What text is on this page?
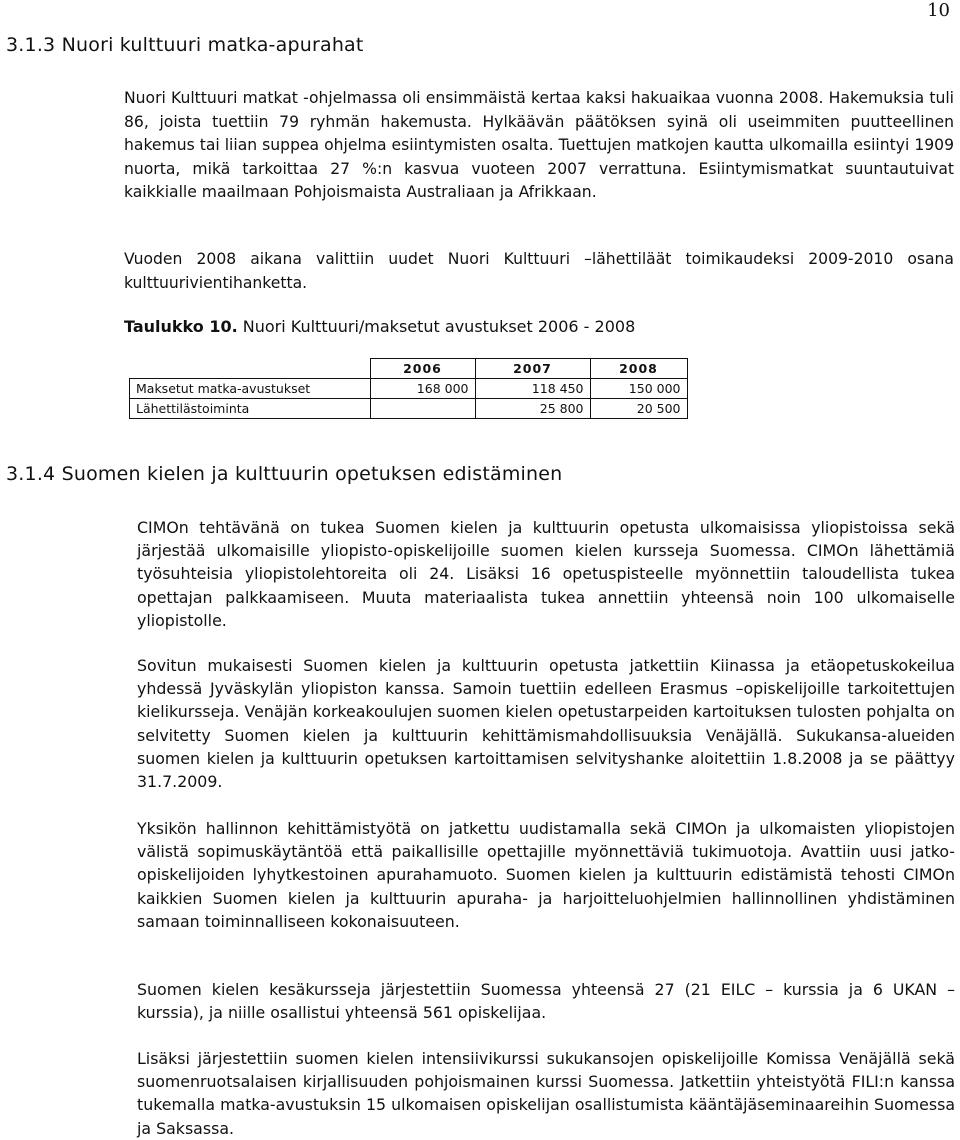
10
3.1.3 Nuori kulttuuri matka-apurahat

Nuori Kulttuuri matkat -ohjelmassa oli ensimmäistä kertaa kaksi hakuaikaa vuonna 2008. Hakemuksia tuli 86, joista tuettiin 79 ryhmän hakemusta. Hylkäävän päätöksen syinä oli useimmiten puutteellinen hakemus tai liian suppea ohjelma esiintymisten osalta. Tuettujen matkojen kautta ulkomailla esiintyi 1909 nuorta, mikä tarkoittaa 27 %:n kasvua vuoteen 2007 verrattuna. Esiintymismatkat suuntautuivat kaikkialle maailmaan Pohjoismaista Australiaan ja Afrikkaan.

Vuoden 2008 aikana valittiin uudet Nuori Kulttuuri –lähettiläät toimikaudeksi 2009-2010 osana kulttuurivientihanketta.

Taulukko 10. Nuori Kulttuuri/maksetut avustukset 2006 - 2008

	2006	2007	2008
Maksetut matka-avustukset	168 000	118 450	150 000
Lähettilästoiminta		25 800	20 500
3.1.4 Suomen kielen ja kulttuurin opetuksen edistäminen

CIMOn tehtävänä on tukea Suomen kielen ja kulttuurin opetusta ulkomaisissa yliopistoissa sekä järjestää ulkomaisille yliopisto-opiskelijoille suomen kielen kursseja Suomessa. CIMOn lähettämiä työsuhteisia yliopistolehtoreita oli 24. Lisäksi 16 opetuspisteelle myönnettiin taloudellista tukea opettajan palkkaamiseen. Muuta materiaalista tukea annettiin yhteensä noin 100 ulkomaiselle yliopistolle.

Sovitun mukaisesti Suomen kielen ja kulttuurin opetusta jatkettiin Kiinassa ja etäopetuskokeilua yhdessä Jyväskylän yliopiston kanssa. Samoin tuettiin edelleen Erasmus –opiskelijoille tarkoitettujen kielikursseja. Venäjän korkeakoulujen suomen kielen opetustarpeiden kartoituksen tulosten pohjalta on selvitetty Suomen kielen ja kulttuurin kehittämismahdollisuuksia Venäjällä. Sukukansa-alueiden suomen kielen ja kulttuurin opetuksen kartoittamisen selvityshanke aloitettiin 1.8.2008 ja se päättyy 31.7.2009.

Yksikön hallinnon kehittämistyötä on jatkettu uudistamalla sekä CIMOn ja ulkomaisten yliopistojen välistä sopimuskäytäntöä että paikallisille opettajille myönnettäviä tukimuotoja. Avattiin uusi jatko-opiskelijoiden lyhytkestoinen apurahamuoto. Suomen kielen ja kulttuurin edistämistä tehosti CIMOn kaikkien Suomen kielen ja kulttuurin apuraha- ja harjoitteluohjelmien hallinnollinen yhdistäminen samaan toiminnalliseen kokonaisuuteen.

Suomen kielen kesäkursseja järjestettiin Suomessa yhteensä 27 (21 EILC – kurssia ja 6 UKAN – kurssia), ja niille osallistui yhteensä 561 opiskelijaa.

Lisäksi järjestettiin suomen kielen intensiivikurssi sukukansojen opiskelijoille Komissa Venäjällä sekä suomenruotsalaisen kirjallisuuden pohjoismainen kurssi Suomessa. Jatkettiin yhteistyötä FILI:n kanssa tukemalla matka-avustuksin 15 ulkomaisen opiskelijan osallistumista kääntäjäseminaareihin Suomessa ja Saksassa.
